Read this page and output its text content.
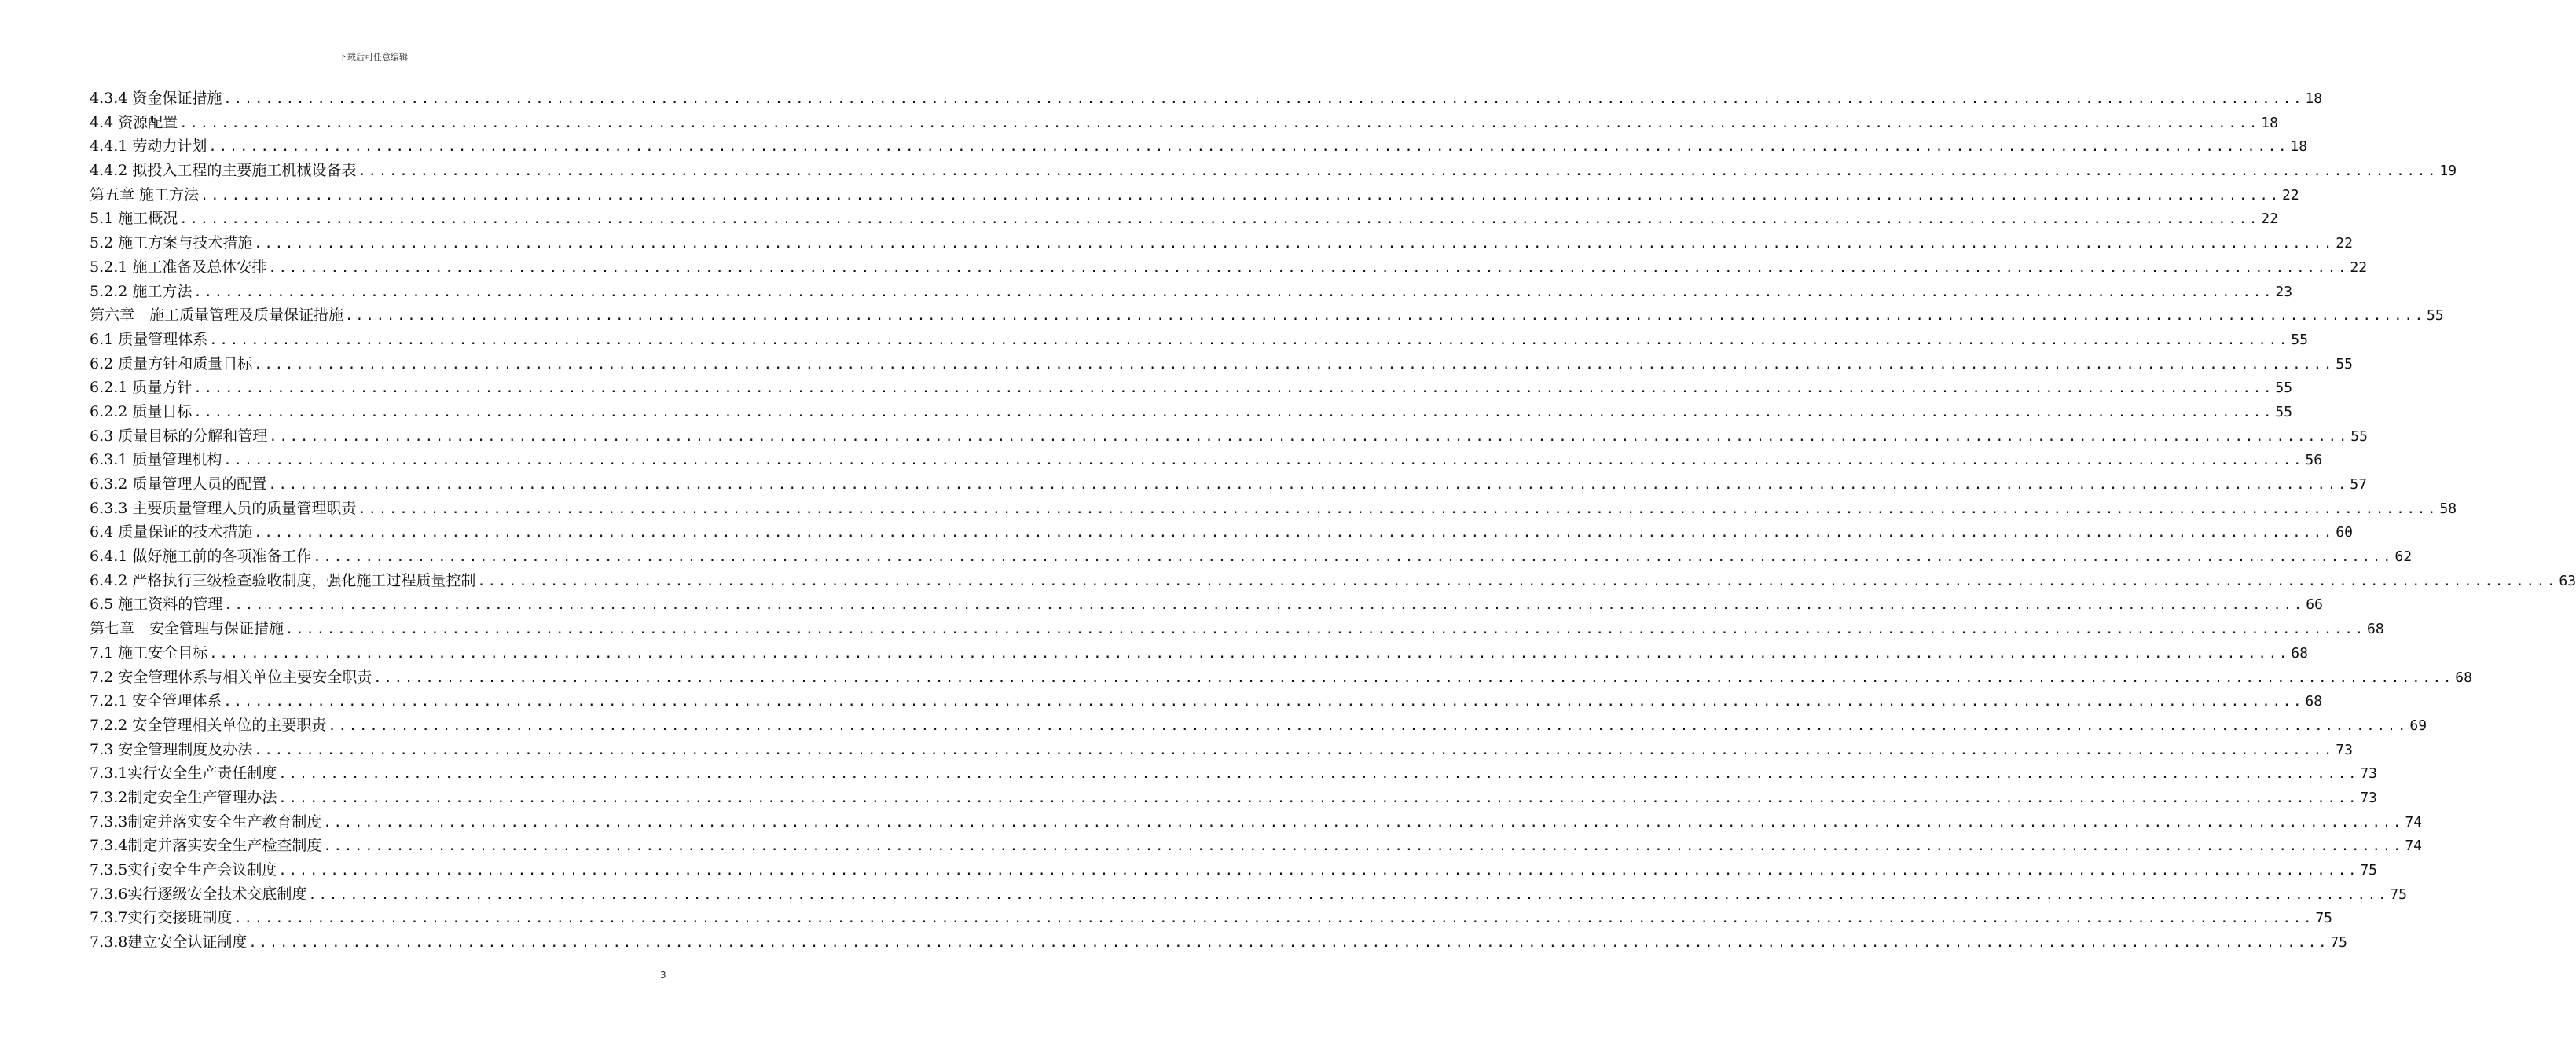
下载后可任意编辑
4.3.4 资金保证措施 ........................................................................................................................................................................................................ 18
4.4 资源配置 ........................................................................................................................................................................................................ 18
4.4.1 劳动力计划 ........................................................................................................................................................................................................ 18
4.4.2 拟投入工程的主要施工机械设备表 ........................................................................................................................................................................................................ 19
第五章 施工方法 ........................................................................................................................................................................................................ 22
5.1 施工概况 ........................................................................................................................................................................................................ 22
5.2 施工方案与技术措施 ........................................................................................................................................................................................................ 22
5.2.1 施工准备及总体安排 ........................................................................................................................................................................................................ 22
5.2.2 施工方法 ........................................................................................................................................................................................................ 23
第六章　施工质量管理及质量保证措施 ........................................................................................................................................................................................................ 55
6.1 质量管理体系 ........................................................................................................................................................................................................ 55
6.2 质量方针和质量目标 ........................................................................................................................................................................................................ 55
6.2.1 质量方针 ........................................................................................................................................................................................................ 55
6.2.2 质量目标 ........................................................................................................................................................................................................ 55
6.3 质量目标的分解和管理 ........................................................................................................................................................................................................ 55
6.3.1 质量管理机构 ........................................................................................................................................................................................................ 56
6.3.2 质量管理人员的配置 ........................................................................................................................................................................................................ 57
6.3.3 主要质量管理人员的质量管理职责 ........................................................................................................................................................................................................ 58
6.4 质量保证的技术措施 ........................................................................................................................................................................................................ 60
6.4.1 做好施工前的各项准备工作 ........................................................................................................................................................................................................ 62
6.4.2 严格执行三级检查验收制度，强化施工过程质量控制 ........................................................................................................................................................................................................ 63
6.5 施工资料的管理 ........................................................................................................................................................................................................ 66
第七章　安全管理与保证措施 ........................................................................................................................................................................................................ 68
7.1 施工安全目标 ........................................................................................................................................................................................................ 68
7.2 安全管理体系与相关单位主要安全职责 ........................................................................................................................................................................................................ 68
7.2.1 安全管理体系 ........................................................................................................................................................................................................ 68
7.2.2 安全管理相关单位的主要职责 ........................................................................................................................................................................................................ 69
7.3 安全管理制度及办法 ........................................................................................................................................................................................................ 73
7.3.1实行安全生产责任制度 ........................................................................................................................................................................................................ 73
7.3.2制定安全生产管理办法 ........................................................................................................................................................................................................ 73
7.3.3制定并落实安全生产教育制度 ........................................................................................................................................................................................................ 74
7.3.4制定并落实安全生产检查制度 ........................................................................................................................................................................................................ 74
7.3.5实行安全生产会议制度 ........................................................................................................................................................................................................ 75
7.3.6实行逐级安全技术交底制度 ........................................................................................................................................................................................................ 75
7.3.7实行交接班制度 ........................................................................................................................................................................................................ 75
7.3.8建立安全认证制度 ........................................................................................................................................................................................................ 75
3
